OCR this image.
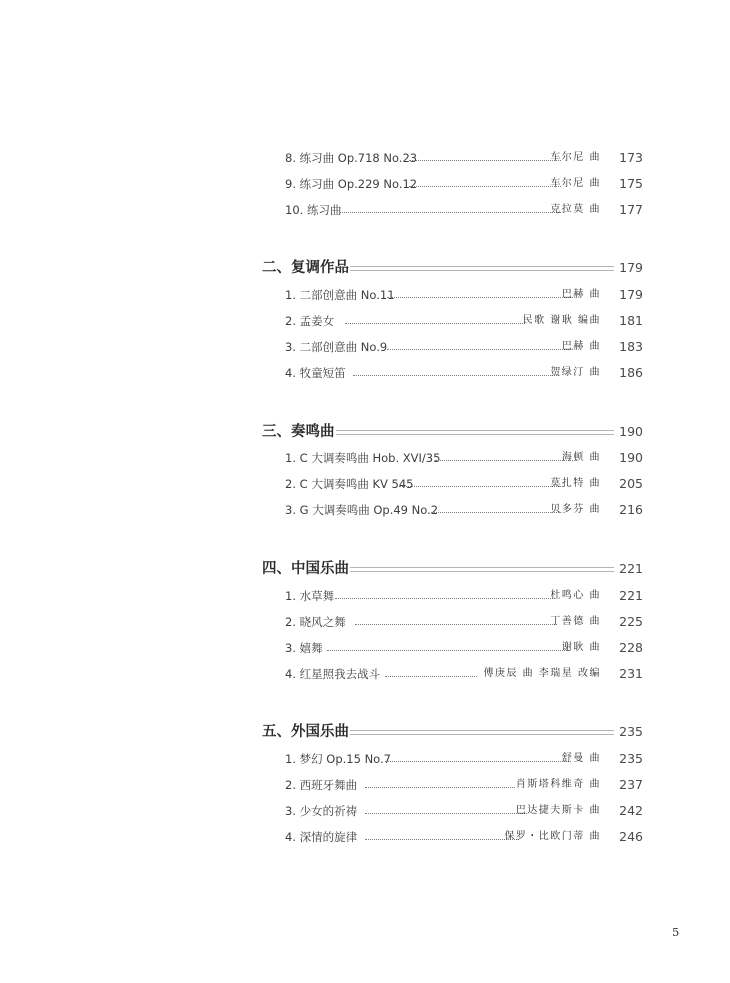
8. 练习曲 Op.718 No.23	车尔尼 曲 173
9. 练习曲 Op.229 No.12	车尔尼 曲 175
10. 练习曲	克拉莫 曲 177
二、复调作品	179
1. 二部创意曲 No.11	巴赫 曲 179
2. 孟姜女	民歌 谢耿 编曲 181
3. 二部创意曲 No.9	巴赫 曲 183
4. 牧童短笛	贺绿汀 曲 186
三、奏鸣曲	190
1. C 大调奏鸣曲 Hob. XVI/35	海顿 曲 190
2. C 大调奏鸣曲 KV 545	莫扎特 曲 205
3. G 大调奏鸣曲 Op.49 No.2	贝多芬 曲 216
四、中国乐曲	221
1. 水草舞	杜鸣心 曲 221
2. 晓风之舞	丁善德 曲 225
3. 嬉舞	谢耿 曲 228
4. 红星照我去战斗	傅庚辰 曲 李瑞星 改编 231
五、外国乐曲	235
1. 梦幻 Op.15 No.7	舒曼 曲 235
2. 西班牙舞曲	肖斯塔科维奇 曲 237
3. 少女的祈祷	巴达捷夫斯卡 曲 242
4. 深情的旋律	保罗・比欧门蒂 曲 246
5
